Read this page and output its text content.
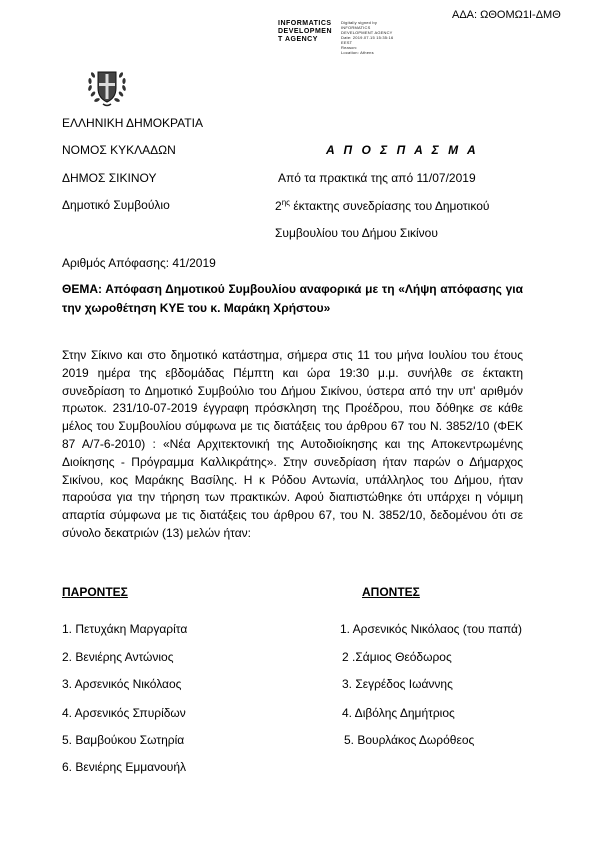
ΑΔΑ: ΩΘΟΜΩ1Ι-ΔΜΘ
INFORMATICS
DEVELOPMEN
T AGENCY
Digitally signed by
INFORMATICS
DEVELOPMENT AGENCY
Date: 2019.07.15 15:35:16
EEST
Reason:
Location: Athens
ΕΛΛΗΝΙΚΗ ΔΗΜΟΚΡΑΤΙΑ
ΝΟΜΟΣ ΚΥΚΛΑΔΩΝ
ΔΗΜΟΣ ΣΙΚΙΝΟΥ
Δημοτικό Συμβούλιο
Αριθμός Απόφασης: 41/2019
Α Π Ο Σ Π Α Σ Μ Α
Από τα πρακτικά της από 11/07/2019
$2^{\eta\varsigma}$ έκτακτης συνεδρίασης του Δημοτικού
Συμβουλίου του Δήμου Σικίνου
ΘΕΜΑ: Απόφαση Δημοτικού Συμβουλίου αναφορικά με τη «Λήψη απόφασης για
την χωροθέτηση ΚΥΕ του κ. Μαράκη Χρήστου»
Στην Σίκινο και στο δημοτικό κατάστημα, σήμερα στις 11 του μήνα Ιουλίου του έτους
2019 ημέρα της εβδομάδας Πέμπτη και ώρα 19:30 μ.μ. συνήλθε σε έκτακτη
συνεδρίαση το Δημοτικό Συμβούλιο του Δήμου Σικίνου, ύστερα από την υπ' αριθμόν
πρωτοκ. 231/10-07-2019 έγγραφη πρόσκληση της Προέδρου, που δόθηκε σε κάθε
μέλος του Συμβουλίου σύμφωνα με τις διατάξεις του άρθρου 67 του Ν. 3852/10 (ΦΕΚ
87 Α/7-6-2010) : «Νέα Αρχιτεκτονική της Αυτοδιοίκησης και της Αποκεντρωμένης
Διοίκησης - Πρόγραμμα Καλλικράτης». Στην συνεδρίαση ήταν παρών ο Δήμαρχος
Σικίνου, κος Μαράκης Βασίλης. Η κ Ρόδου Αντωνία, υπάλληλος του Δήμου, ήταν
παρούσα για την τήρηση των πρακτικών. Αφού διαπιστώθηκε ότι υπάρχει η νόμιμη
απαρτία σύμφωνα με τις διατάξεις του άρθρου 67, του Ν. 3852/10, δεδομένου ότι σε
σύνολο δεκατριών (13) μελών ήταν:
ΠΑΡΟΝΤΕΣ	ΑΠΟΝΤΕΣ
1. Πετυχάκη Μαργαρίτα
2. Βενιέρης Αντώνιος
3. Αρσενικός Νικόλαος
4. Αρσενικός Σπυρίδων
5. Βαμβούκου Σωτηρία
6. Βενιέρης Εμμανουήλ
1. Αρσενικός Νικόλαος (του παπά)
2 .Σάμιος Θεόδωρος
3. Σεγρέδος Ιωάννης
4. Διβόλης Δημήτριος
5. Βουρλάκος Δωρόθεος
